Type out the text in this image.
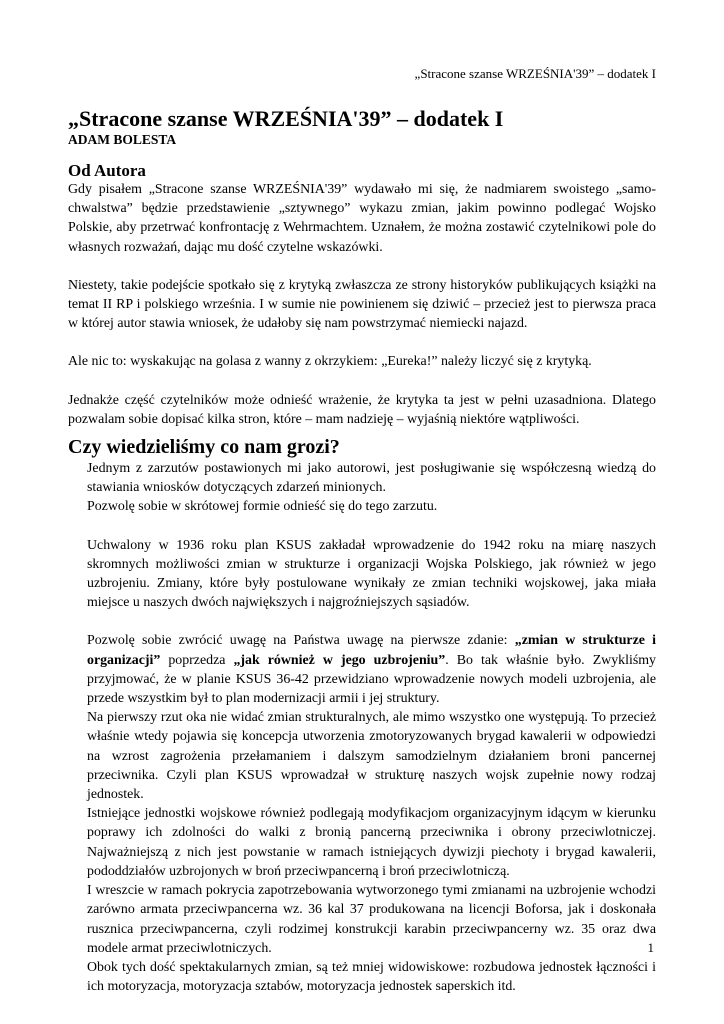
„Stracone szanse WRZEŚNIA'39” – dodatek I
„Stracone szanse WRZEŚNIA'39” – dodatek I
ADAM BOLESTA
Od Autora

Gdy pisałem „Stracone szanse WRZEŚNIA'39” wydawało mi się, że nadmiarem swoistego „samo-chwalstwa” będzie przedstawienie „sztywnego” wykazu zmian, jakim powinno podlegać Wojsko Polskie, aby przetrwać konfrontację z Wehrmachtem. Uznałem, że można zostawić czytelnikowi pole do własnych rozważań, dając mu dość czytelne wskazówki.

Niestety, takie podejście spotkało się z krytyką zwłaszcza ze strony historyków publikujących książki na temat II RP i polskiego września. I w sumie nie powinienem się dziwić – przecież jest to pierwsza praca w której autor stawia wniosek, że udałoby się nam powstrzymać niemiecki najazd.

Ale nic to: wyskakując na golasa z wanny z okrzykiem: „Eureka!” należy liczyć się z krytyką.

Jednakże część czytelników może odnieść wrażenie, że krytyka ta jest w pełni uzasadniona. Dlatego pozwalam sobie dopisać kilka stron, które – mam nadzieję – wyjaśnią niektóre wątpliwości.

Czy wiedzieliśmy co nam grozi?

Jednym z zarzutów postawionych mi jako autorowi, jest posługiwanie się współczesną wiedzą do stawiania wniosków dotyczących zdarzeń minionych.

Pozwolę sobie w skrótowej formie odnieść się do tego zarzutu.

Uchwalony w 1936 roku plan KSUS zakładał wprowadzenie do 1942 roku na miarę naszych skromnych możliwości zmian w strukturze i organizacji Wojska Polskiego, jak również w jego uzbrojeniu. Zmiany, które były postulowane wynikały ze zmian techniki wojskowej, jaka miała miejsce u naszych dwóch największych i najgroźniejszych sąsiadów.

Pozwolę sobie zwrócić uwagę na Państwa uwagę na pierwsze zdanie: „zmian w strukturze i organizacji” poprzedza „jak również w jego uzbrojeniu”. Bo tak właśnie było. Zwykliśmy przyjmować, że w planie KSUS 36-42 przewidziano wprowadzenie nowych modeli uzbrojenia, ale przede wszystkim był to plan modernizacji armii i jej struktury.

Na pierwszy rzut oka nie widać zmian strukturalnych, ale mimo wszystko one występują. To przecież właśnie wtedy pojawia się koncepcja utworzenia zmotoryzowanych brygad kawalerii w odpowiedzi na wzrost zagrożenia przełamaniem i dalszym samodzielnym działaniem broni pancernej przeciwnika. Czyli plan KSUS wprowadzał w strukturę naszych wojsk zupełnie nowy rodzaj jednostek.

Istniejące jednostki wojskowe również podlegają modyfikacjom organizacyjnym idącym w kierunku poprawy ich zdolności do walki z bronią pancerną przeciwnika i obrony przeciwlotniczej. Najważniejszą z nich jest powstanie w ramach istniejących dywizji piechoty i brygad kawalerii, pododdziałów uzbrojonych w broń przeciwpancerną i broń przeciwlotniczą.

I wreszcie w ramach pokrycia zapotrzebowania wytworzonego tymi zmianami na uzbrojenie wchodzi zarówno armata przeciwpancerna wz. 36 kal 37 produkowana na licencji Boforsa, jak i doskonała rusznica przeciwpancerna, czyli rodzimej konstrukcji karabin przeciwpancerny wz. 35 oraz dwa modele armat przeciwlotniczych.

Obok tych dość spektakularnych zmian, są też mniej widowiskowe: rozbudowa jednostek łączności i ich motoryzacja, motoryzacja sztabów, motoryzacja jednostek saperskich itd.

1
